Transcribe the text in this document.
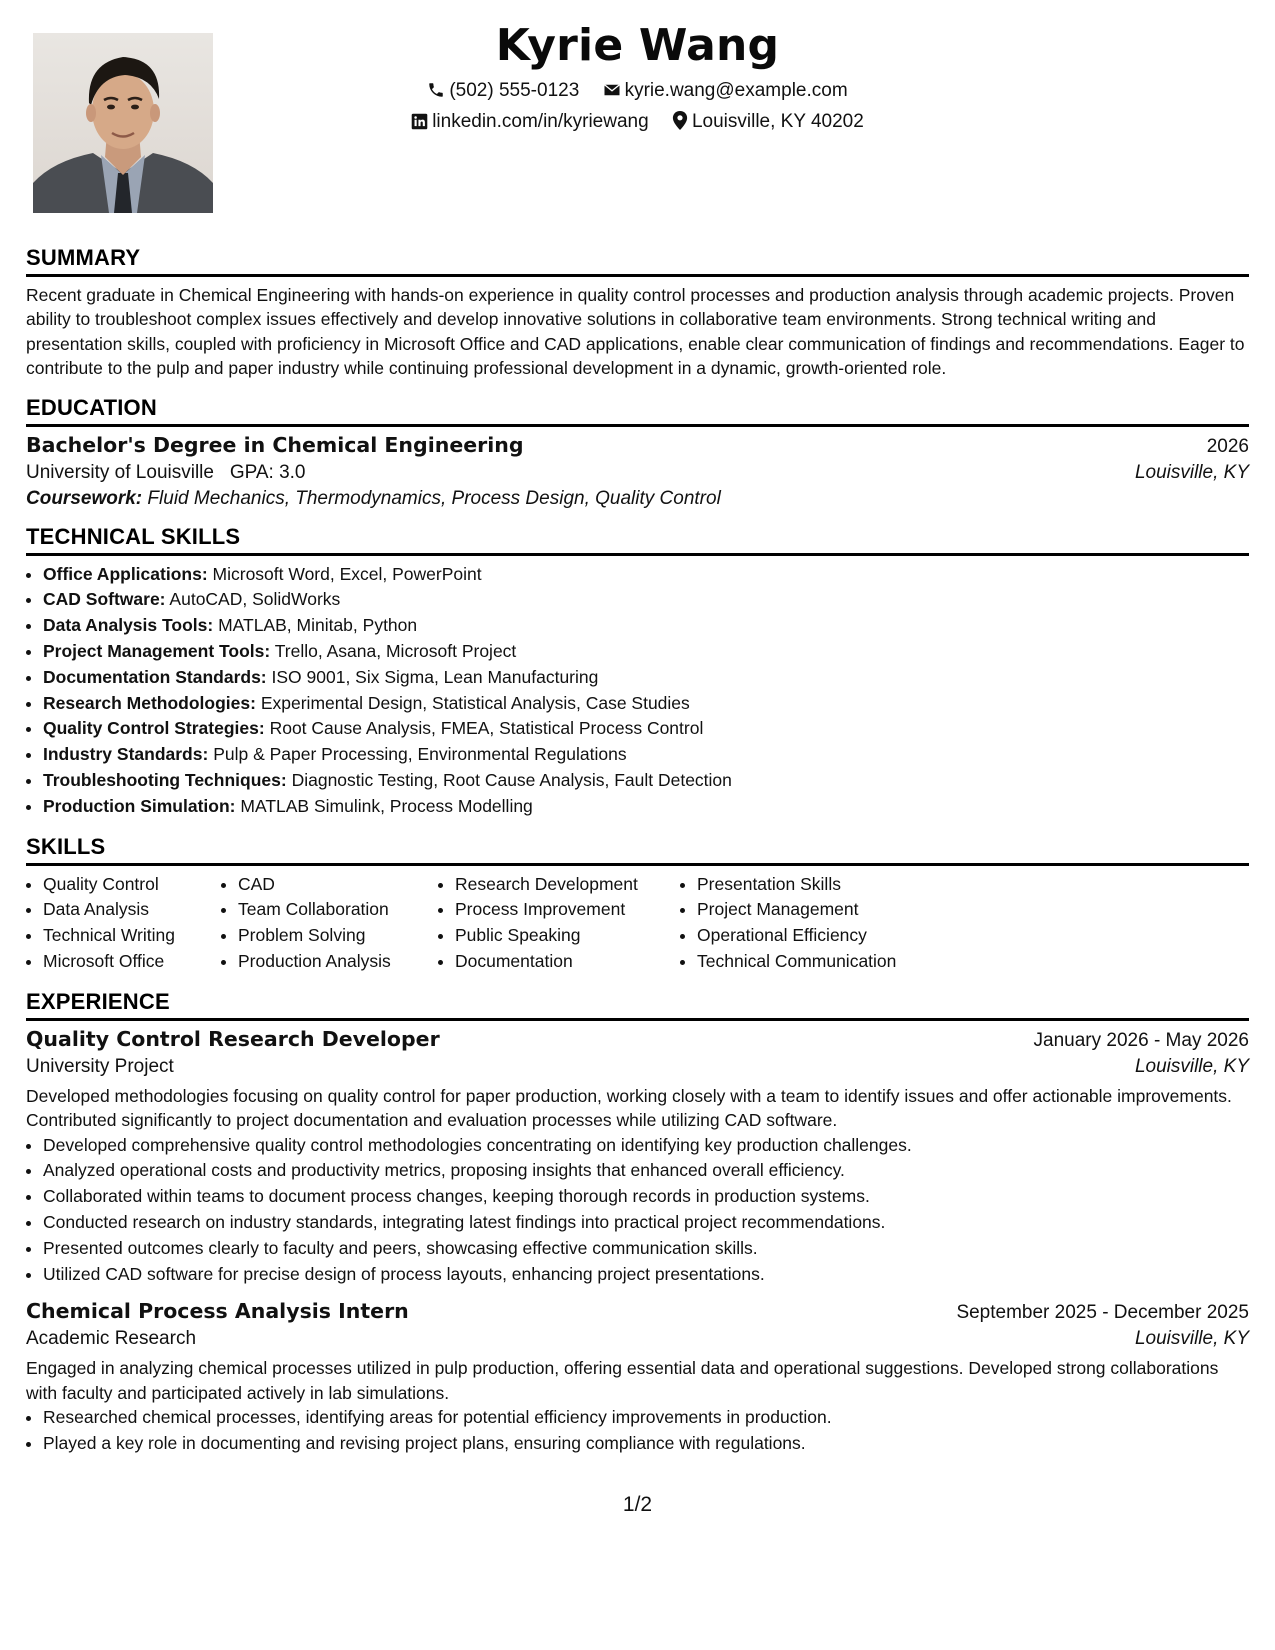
Kyrie Wang
(502) 555-0123 kyrie.wang@example.com
linkedin.com/in/kyriewang Louisville, KY 40202
SUMMARY

Recent graduate in Chemical Engineering with hands-on experience in quality control processes and production analysis through academic projects. Proven ability to troubleshoot complex issues effectively and develop innovative solutions in collaborative team environments. Strong technical writing and presentation skills, coupled with proficiency in Microsoft Office and CAD applications, enable clear communication of findings and recommendations. Eager to contribute to the pulp and paper industry while continuing professional development in a dynamic, growth-oriented role.

EDUCATION
Bachelor's Degree in Chemical Engineering	2026
University of Louisville GPA: 3.0	Louisville, KY
Coursework: Fluid Mechanics, Thermodynamics, Process Design, Quality Control
TECHNICAL SKILLS
• Office Applications: Microsoft Word, Excel, PowerPoint
• CAD Software: AutoCAD, SolidWorks
• Data Analysis Tools: MATLAB, Minitab, Python
• Project Management Tools: Trello, Asana, Microsoft Project
• Documentation Standards: ISO 9001, Six Sigma, Lean Manufacturing
• Research Methodologies: Experimental Design, Statistical Analysis, Case Studies
• Quality Control Strategies: Root Cause Analysis, FMEA, Statistical Process Control
• Industry Standards: Pulp & Paper Processing, Environmental Regulations
• Troubleshooting Techniques: Diagnostic Testing, Root Cause Analysis, Fault Detection
• Production Simulation: MATLAB Simulink, Process Modelling
SKILLS
• Quality Control
• Data Analysis
• Technical Writing
• Microsoft Office
• CAD
• Team Collaboration
• Problem Solving
• Production Analysis
• Research Development
• Process Improvement
• Public Speaking
• Documentation
• Presentation Skills
• Project Management
• Operational Efficiency
• Technical Communication
EXPERIENCE
Quality Control Research Developer	January 2026 - May 2026
University Project	Louisville, KY

Developed methodologies focusing on quality control for paper production, working closely with a team to identify issues and offer actionable improvements. Contributed significantly to project documentation and evaluation processes while utilizing CAD software.

• Developed comprehensive quality control methodologies concentrating on identifying key production challenges.
• Analyzed operational costs and productivity metrics, proposing insights that enhanced overall efficiency.
• Collaborated within teams to document process changes, keeping thorough records in production systems.
• Conducted research on industry standards, integrating latest findings into practical project recommendations.
• Presented outcomes clearly to faculty and peers, showcasing effective communication skills.
• Utilized CAD software for precise design of process layouts, enhancing project presentations.
Chemical Process Analysis Intern	September 2025 - December 2025
Academic Research	Louisville, KY

Engaged in analyzing chemical processes utilized in pulp production, offering essential data and operational suggestions. Developed strong collaborations with faculty and participated actively in lab simulations.

• Researched chemical processes, identifying areas for potential efficiency improvements in production.
• Played a key role in documenting and revising project plans, ensuring compliance with regulations.
1/2
